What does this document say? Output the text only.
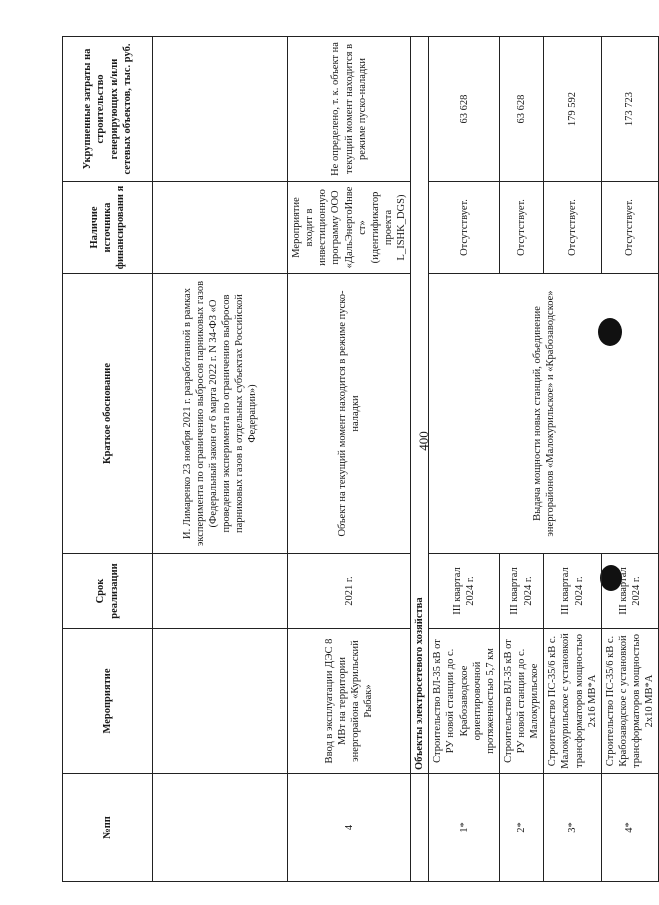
400
№пп	Мероприятие	Срок реализации	Краткое обоснование	Наличие источника финансировани я	Укрупненные затраты на строительство генерирующих и/или сетевых объектов, тыс. руб.
			И. Лимаренко 23 ноября 2021 г. разработанной в рамках эксперимента по ограничению выбросов парниковых газов (Федеральный закон от 6 марта 2022 г. N 34-ФЗ «О проведении эксперимента по ограничению выбросов парниковых газов в отдельных субъектах Российской Федерации»)		
4	Ввод в эксплуатации ДЭС 8 МВт на территории энергорайона «Курильский Рыбак»	2021 г.	Объект на текущий момент находится в режиме пуско-наладки	Мероприятие входит в инвестиционную программу ООО «ДальЭнергоИнвест» (идентификатор проекта L_ISHK_DGS)	Не определено, т. к. объект на текущий момент находится в режиме пуско-наладки
	Объекты электросетевого хозяйства				
1*	Строительство ВЛ-35 кВ от РУ новой станции до с. Крабозаводское ориентировочной протяженностью 5,7 км	III квартал 2024 г.	Выдача мощности новых станций, объединение энергорайонов «Малокурильское» и «Крабозаводское»	Отсутствует.	63 628
2*	Строительство ВЛ-35 кВ от РУ новой станции до с. Малокурильское	III квартал 2024 г.		Отсутствует.	63 628
3*	Строительство ПС-35/6 кВ с. Малокурильское с установкой трансформаторов мощностью 2х16 МВ*А	III квартал 2024 г.		Отсутствует.	179 592
4*	Строительство ПС-35/6 кВ с. Крабозаводское с установкой трансформаторов мощностью 2х10 МВ*А	III квартал 2024 г.		Отсутствует.	173 723
